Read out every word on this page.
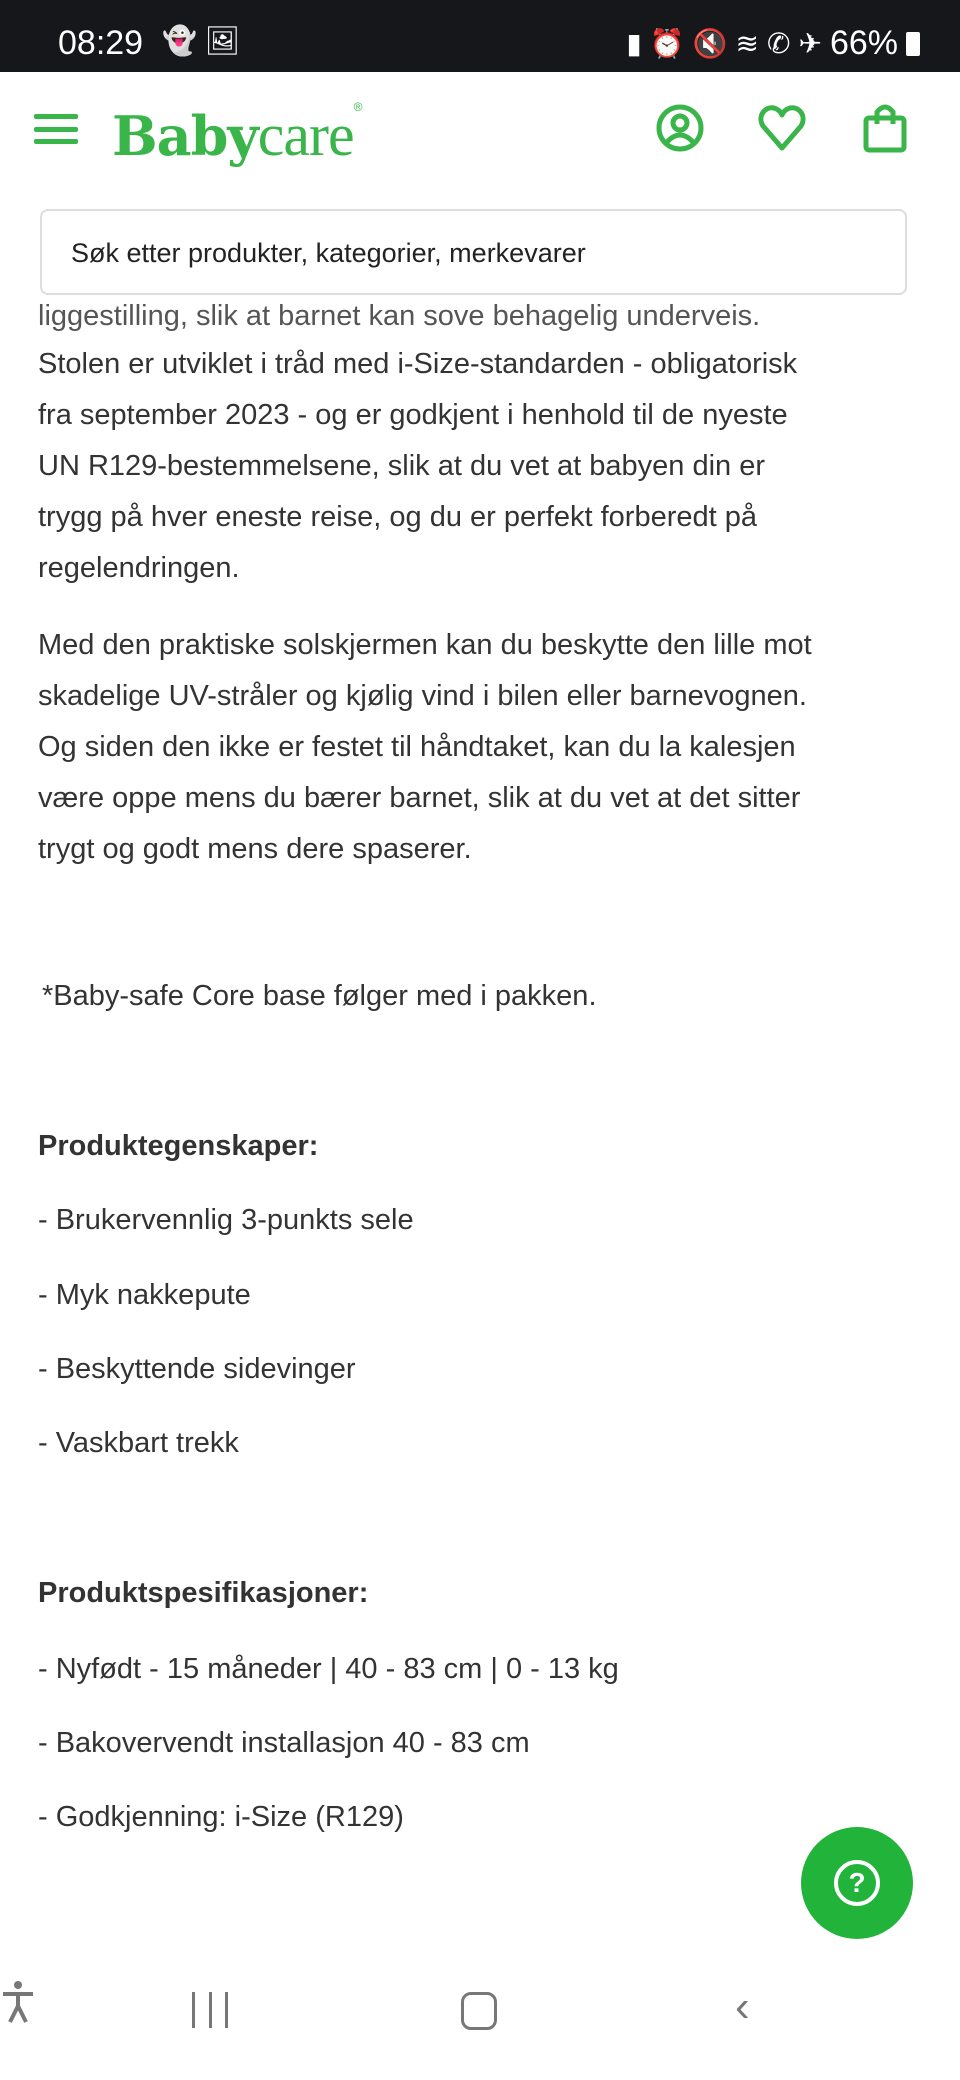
08:29 👻 🖼	▮ ⏰ 🔇 ≋ ✆ ✈ 66%
Babycare®
Søk etter produkter, kategorier, merkevarer
liggestilling, slik at barnet kan sove behagelig underveis.
Stolen er utviklet i tråd med i-Size-standarden - obligatorisk
fra september 2023 - og er godkjent i henhold til de nyeste
UN R129-bestemmelsene, slik at du vet at babyen din er
trygg på hver eneste reise, og du er perfekt forberedt på
regelendringen.
Med den praktiske solskjermen kan du beskytte den lille mot
skadelige UV-stråler og kjølig vind i bilen eller barnevognen.
Og siden den ikke er festet til håndtaket, kan du la kalesjen
være oppe mens du bærer barnet, slik at du vet at det sitter
trygt og godt mens dere spaserer.
*Baby-safe Core base følger med i pakken.
Produktegenskaper:
- Brukervennlig 3-punkts sele
- Myk nakkepute
- Beskyttende sidevinger
- Vaskbart trekk
Produktspesifikasjoner:
- Nyfødt - 15 måneder | 40 - 83 cm | 0 - 13 kg
- Bakovervendt installasjon 40 - 83 cm
- Godkjenning: i-Size (R129)
?
‹
